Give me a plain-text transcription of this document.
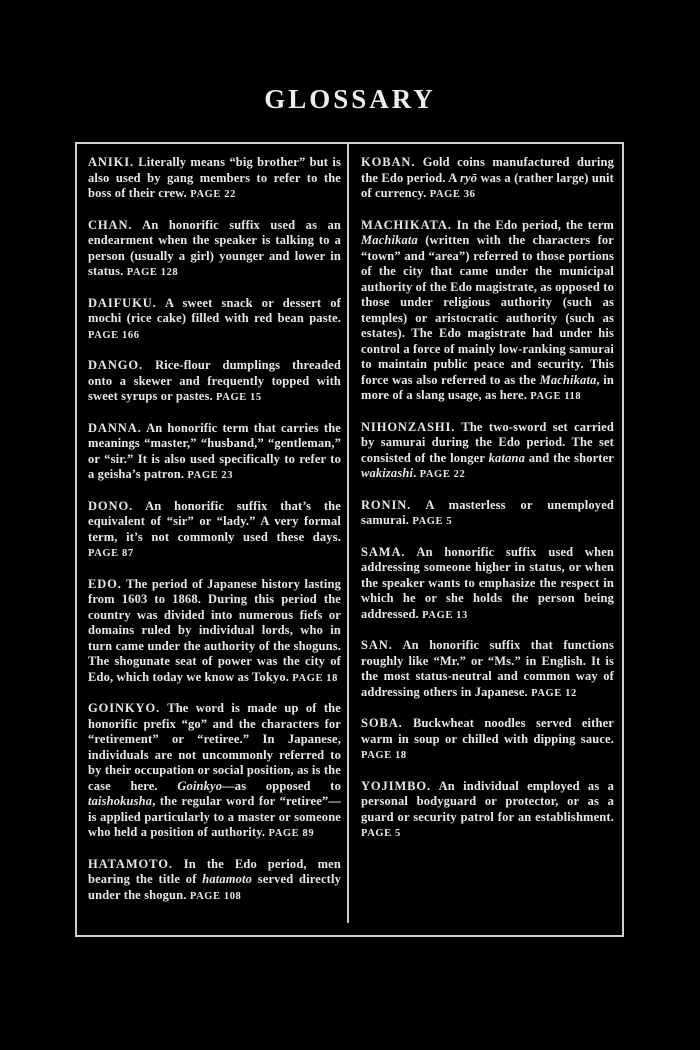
GLOSSARY

ANIKI. Literally means “big brother” but is also used by gang members to refer to the boss of their crew. PAGE 22

CHAN. An honorific suffix used as an endearment when the speaker is talking to a person (usually a girl) younger and lower in status. PAGE 128

DAIFUKU. A sweet snack or dessert of mochi (rice cake) filled with red bean paste. PAGE 166

DANGO. Rice-flour dumplings threaded onto a skewer and frequently topped with sweet syrups or pastes. PAGE 15

DANNA. An honorific term that carries the meanings “master,” “husband,” “gentleman,” or “sir.” It is also used specifically to refer to a geisha’s patron. PAGE 23

DONO. An honorific suffix that’s the equivalent of “sir” or “lady.” A very formal term, it’s not commonly used these days. PAGE 87

EDO. The period of Japanese history lasting from 1603 to 1868. During this period the country was divided into numerous fiefs or domains ruled by individual lords, who in turn came under the authority of the shoguns. The shogunate seat of power was the city of Edo, which today we know as Tokyo. PAGE 18

GOINKYO. The word is made up of the honorific prefix “go” and the characters for “retirement” or “retiree.” In Japanese, individuals are not uncommonly referred to by their occupation or social position, as is the case here. Goinkyo—as opposed to taishokusha, the regular word for “retiree”—is applied particularly to a master or someone who held a position of authority. PAGE 89

HATAMOTO. In the Edo period, men bearing the title of hatamoto served directly under the shogun. PAGE 108

KOBAN. Gold coins manufactured during the Edo period. A ryō was a (rather large) unit of currency. PAGE 36

MACHIKATA. In the Edo period, the term Machikata (written with the characters for “town” and “area”) referred to those portions of the city that came under the municipal authority of the Edo magistrate, as opposed to those under religious authority (such as temples) or aristocratic authority (such as estates). The Edo magistrate had under his control a force of mainly low-ranking samurai to maintain public peace and security. This force was also referred to as the Machikata, in more of a slang usage, as here. PAGE 118

NIHONZASHI. The two-sword set carried by samurai during the Edo period. The set consisted of the longer katana and the shorter wakizashi. PAGE 22

RONIN. A masterless or unemployed samurai. PAGE 5

SAMA. An honorific suffix used when addressing someone higher in status, or when the speaker wants to emphasize the respect in which he or she holds the person being addressed. PAGE 13

SAN. An honorific suffix that functions roughly like “Mr.” or “Ms.” in English. It is the most status-neutral and common way of addressing others in Japanese. PAGE 12

SOBA. Buckwheat noodles served either warm in soup or chilled with dipping sauce. PAGE 18

YOJIMBO. An individual employed as a personal bodyguard or protector, or as a guard or security patrol for an establishment. PAGE 5
